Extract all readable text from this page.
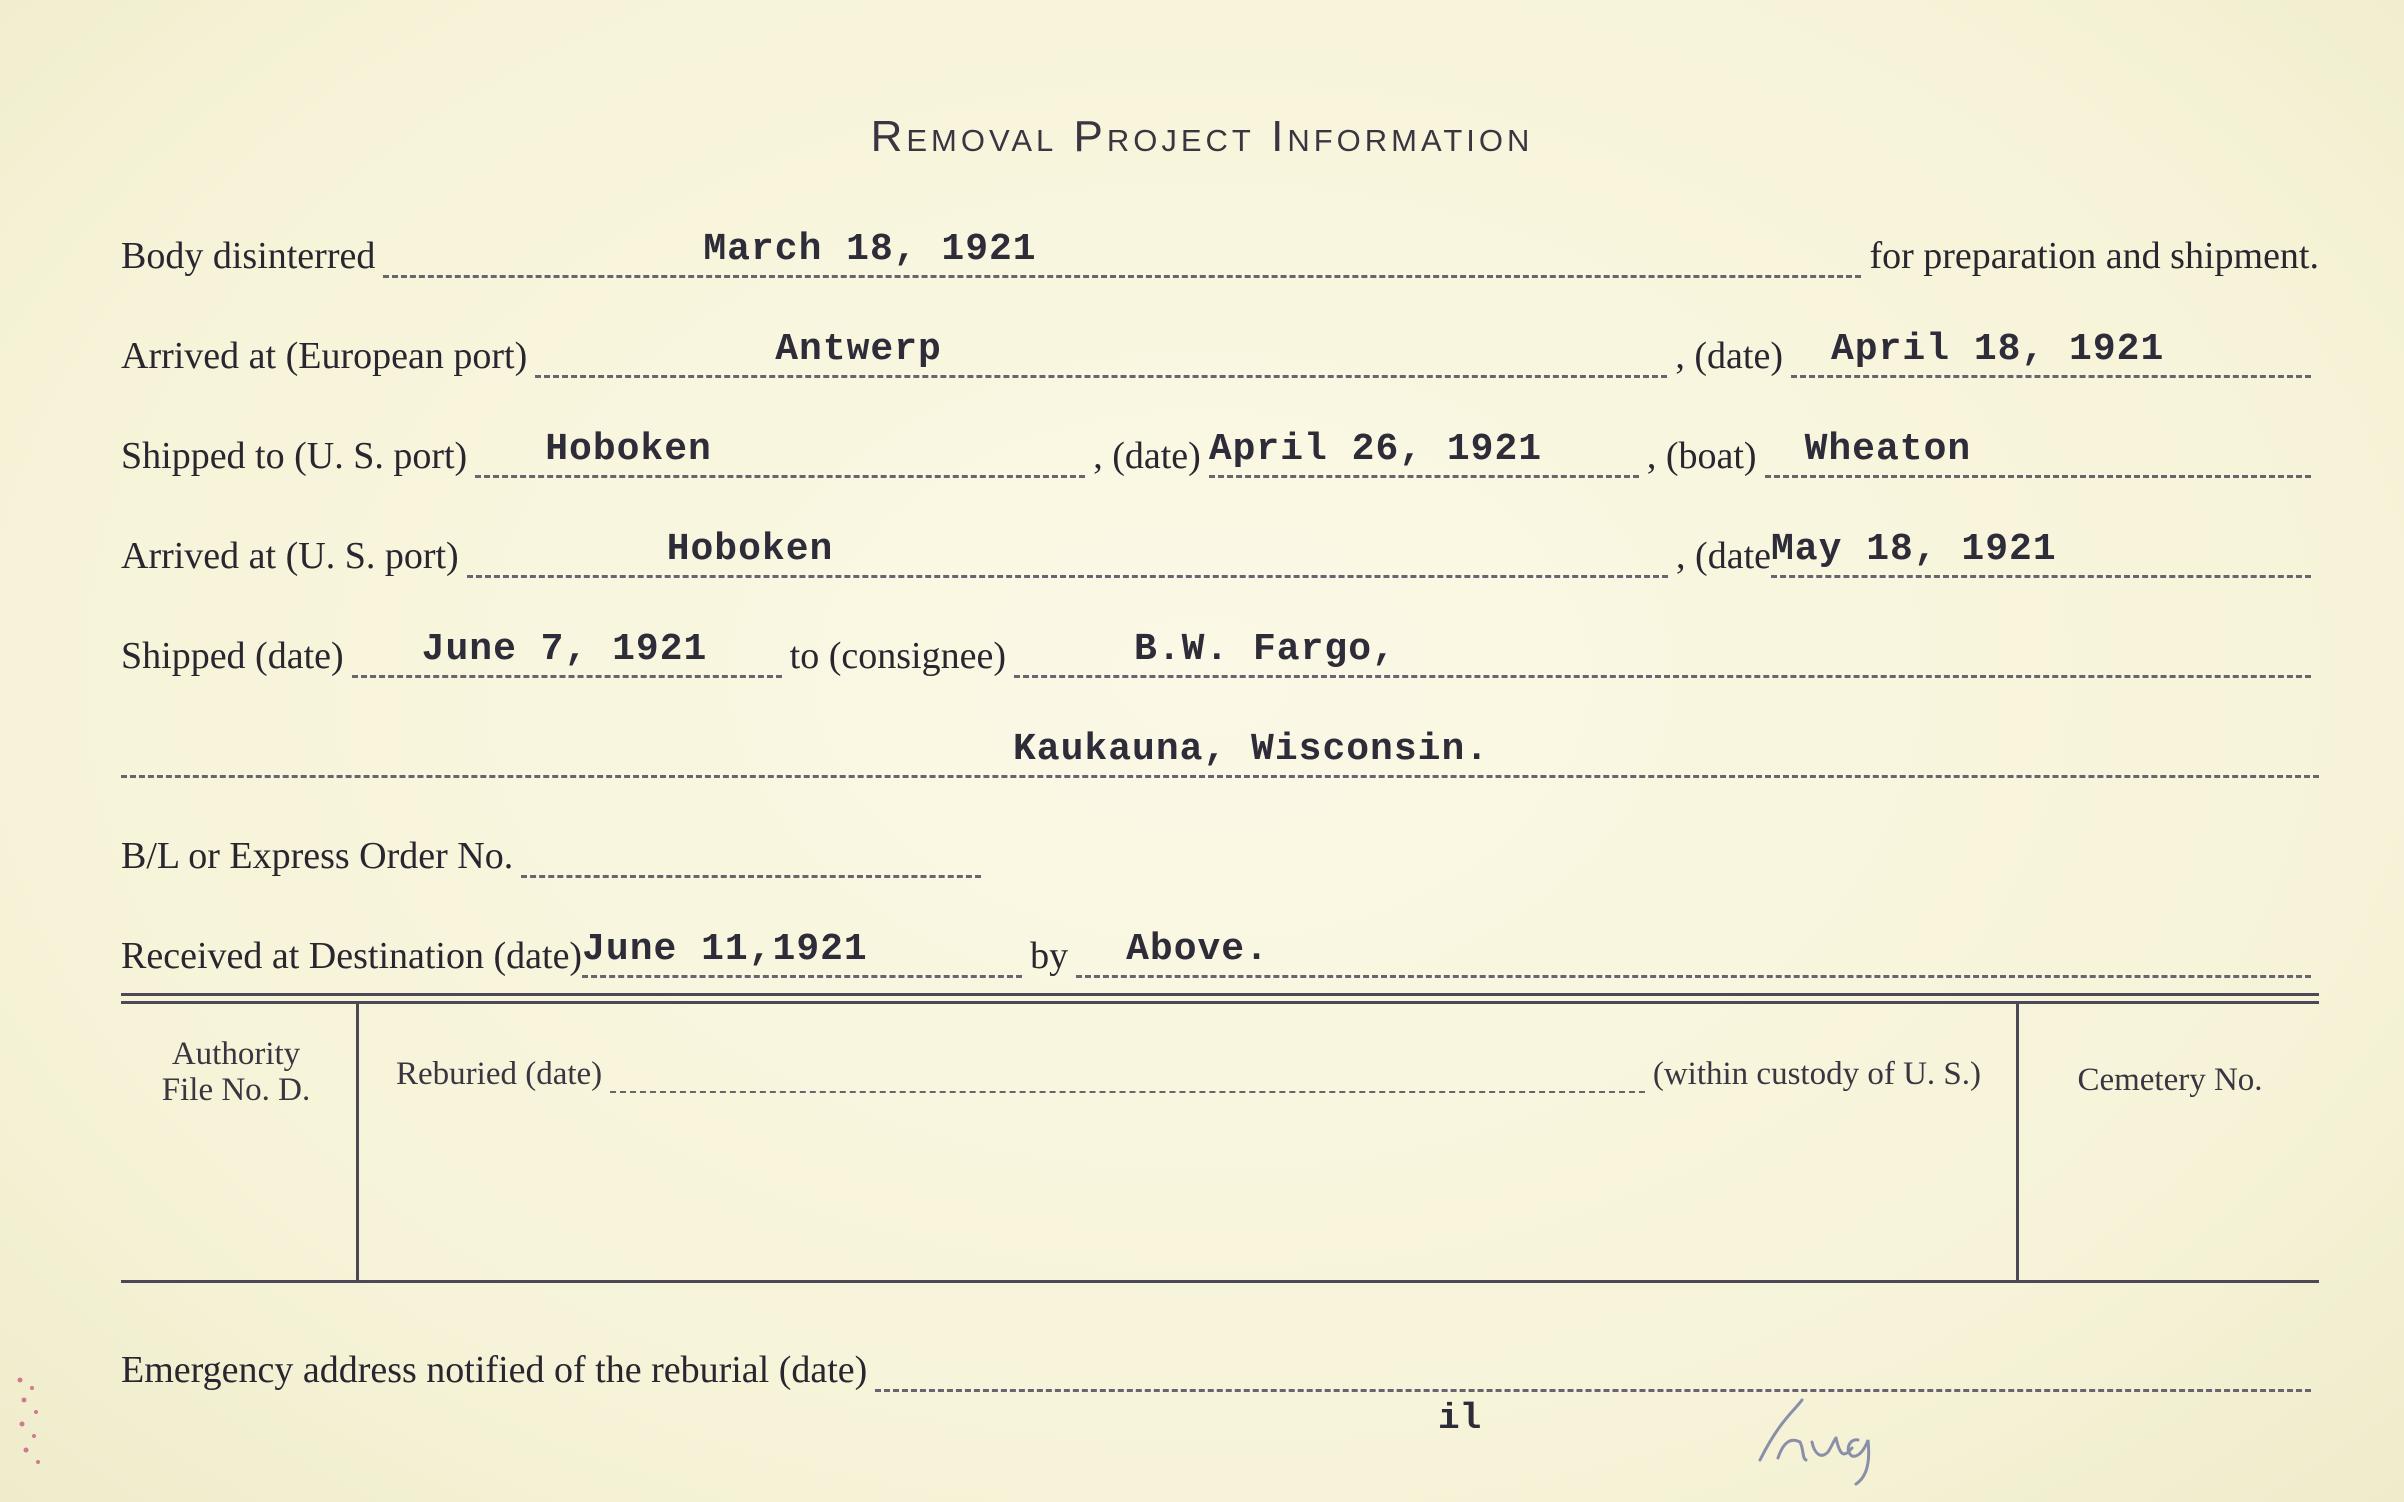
Removal Project Information
Body disinterred	March 18, 1921	for preparation and shipment.
Arrived at (European port)	Antwerp	, (date) April 18, 1921
Shipped to (U. S. port) Hoboken	, (date) April 26, 1921	, (boat) Wheaton
Arrived at (U. S. port)	Hoboken	, (date May 18, 1921
Shipped (date) June 7, 1921 to (consignee)	B.W. Fargo,
Kaukauna, Wisconsin.
B/L or Express Order No.
Received at Destination (date) June 11,1921	by Above.
Authority
File No. D.	Reburied (date)	(within custody of U. S.)	Cemetery No.
Emergency address notified of the reburial (date)
il
